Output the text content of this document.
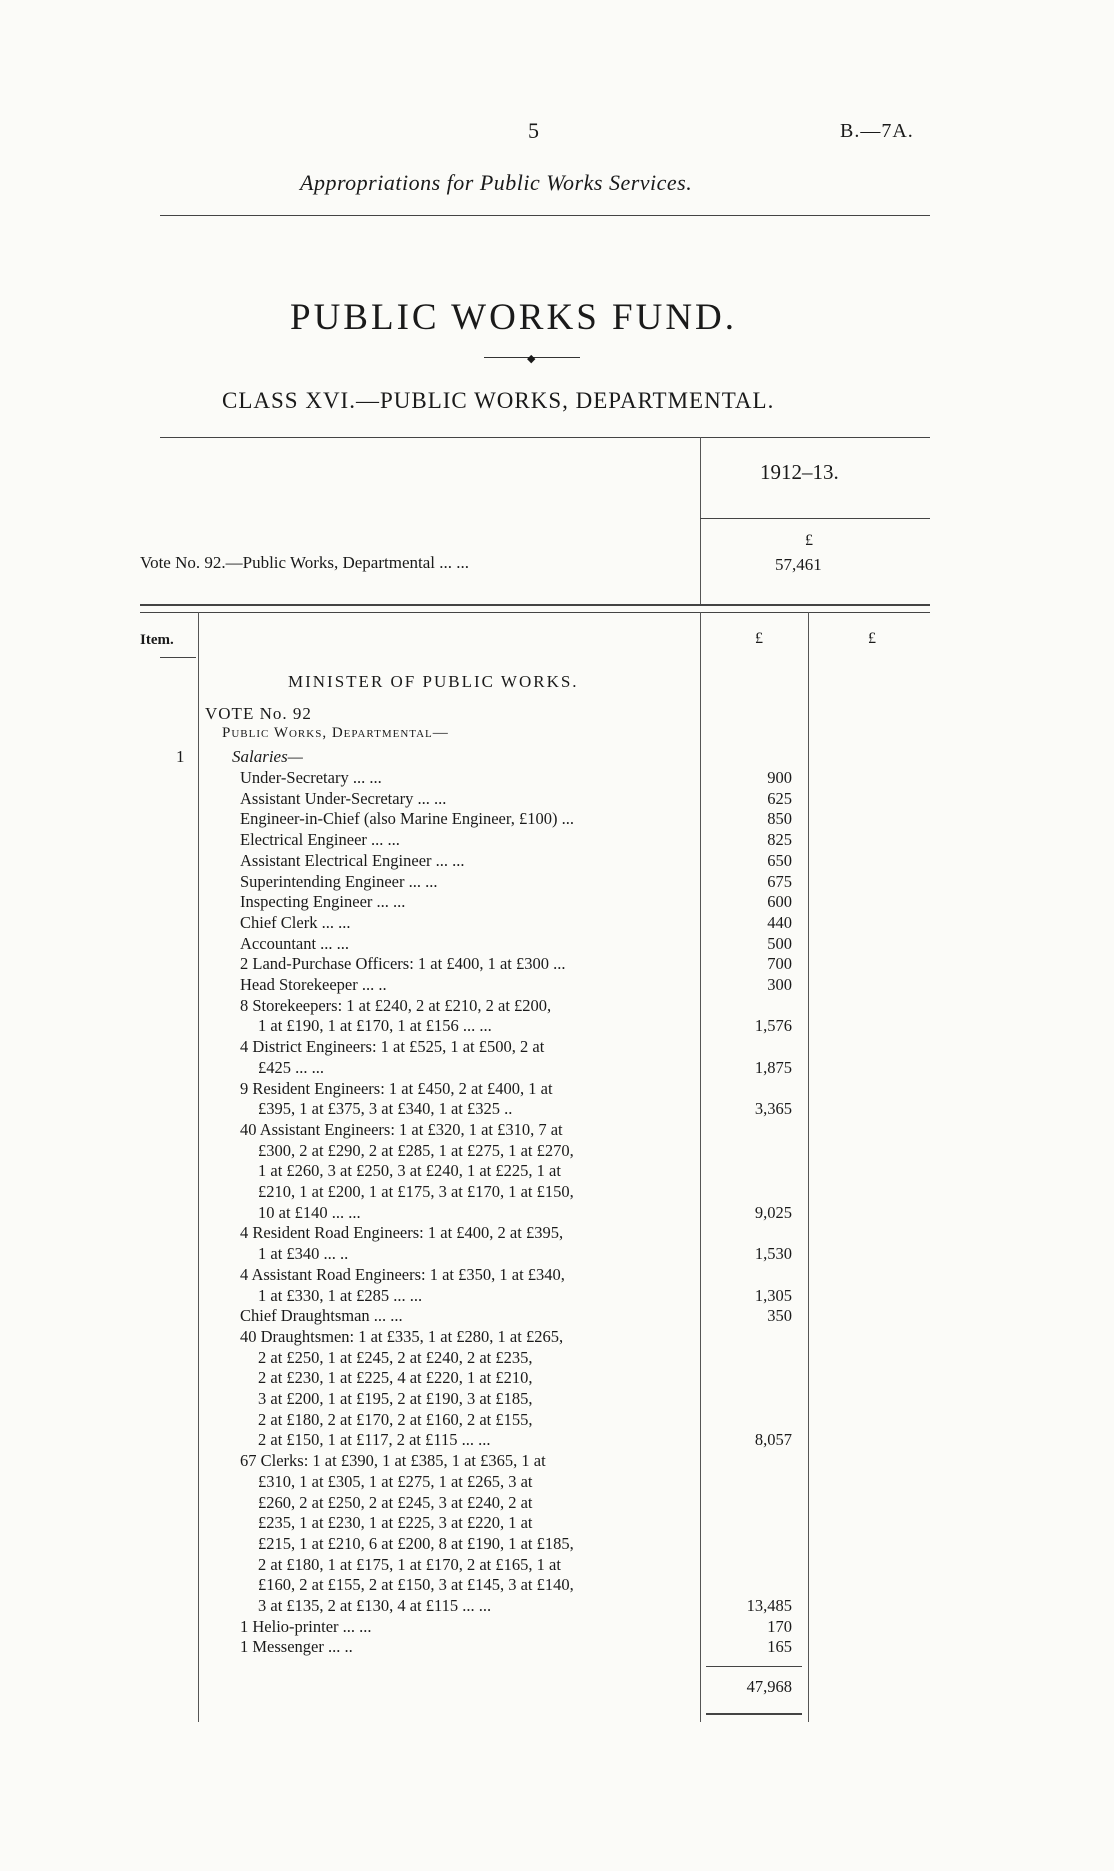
5	B.—7A.
Appropriations for Public Works Services.
PUBLIC WORKS FUND.
◆
CLASS XVI.—PUBLIC WORKS, DEPARTMENTAL.
1912–13.
£
57,461
Vote No. 92.—Public Works, Departmental ... ...
Item.	£	£
MINISTER OF PUBLIC WORKS.
VOTE No. 92
Public Works, Departmental—
1	Salaries—
Under-Secretary ... ...	900
Assistant Under-Secretary ... ...	625
Engineer-in-Chief (also Marine Engineer, £100) ...	850
Electrical Engineer ... ...	825
Assistant Electrical Engineer ... ...	650
Superintending Engineer ... ...	675
Inspecting Engineer ... ...	600
Chief Clerk ... ...	440
Accountant ... ...	500
2 Land-Purchase Officers: 1 at £400, 1 at £300 ...	700
Head Storekeeper ... ..	300
8 Storekeepers: 1 at £240, 2 at £210, 2 at £200,
1 at £190, 1 at £170, 1 at £156 ... ...	1,576
4 District Engineers: 1 at £525, 1 at £500, 2 at
£425 ... ...	1,875
9 Resident Engineers: 1 at £450, 2 at £400, 1 at
£395, 1 at £375, 3 at £340, 1 at £325 ..	3,365
40 Assistant Engineers: 1 at £320, 1 at £310, 7 at
£300, 2 at £290, 2 at £285, 1 at £275, 1 at £270,
1 at £260, 3 at £250, 3 at £240, 1 at £225, 1 at
£210, 1 at £200, 1 at £175, 3 at £170, 1 at £150,
10 at £140 ... ...	9,025
4 Resident Road Engineers: 1 at £400, 2 at £395,
1 at £340 ... ..	1,530
4 Assistant Road Engineers: 1 at £350, 1 at £340,
1 at £330, 1 at £285 ... ...	1,305
Chief Draughtsman ... ...	350
40 Draughtsmen: 1 at £335, 1 at £280, 1 at £265,
2 at £250, 1 at £245, 2 at £240, 2 at £235,
2 at £230, 1 at £225, 4 at £220, 1 at £210,
3 at £200, 1 at £195, 2 at £190, 3 at £185,
2 at £180, 2 at £170, 2 at £160, 2 at £155,
2 at £150, 1 at £117, 2 at £115 ... ...	8,057
67 Clerks: 1 at £390, 1 at £385, 1 at £365, 1 at
£310, 1 at £305, 1 at £275, 1 at £265, 3 at
£260, 2 at £250, 2 at £245, 3 at £240, 2 at
£235, 1 at £230, 1 at £225, 3 at £220, 1 at
£215, 1 at £210, 6 at £200, 8 at £190, 1 at £185,
2 at £180, 1 at £175, 1 at £170, 2 at £165, 1 at
£160, 2 at £155, 2 at £150, 3 at £145, 3 at £140,
3 at £135, 2 at £130, 4 at £115 ... ...	13,485
1 Helio-printer ... ...	170
1 Messenger ... ..	165
47,968
